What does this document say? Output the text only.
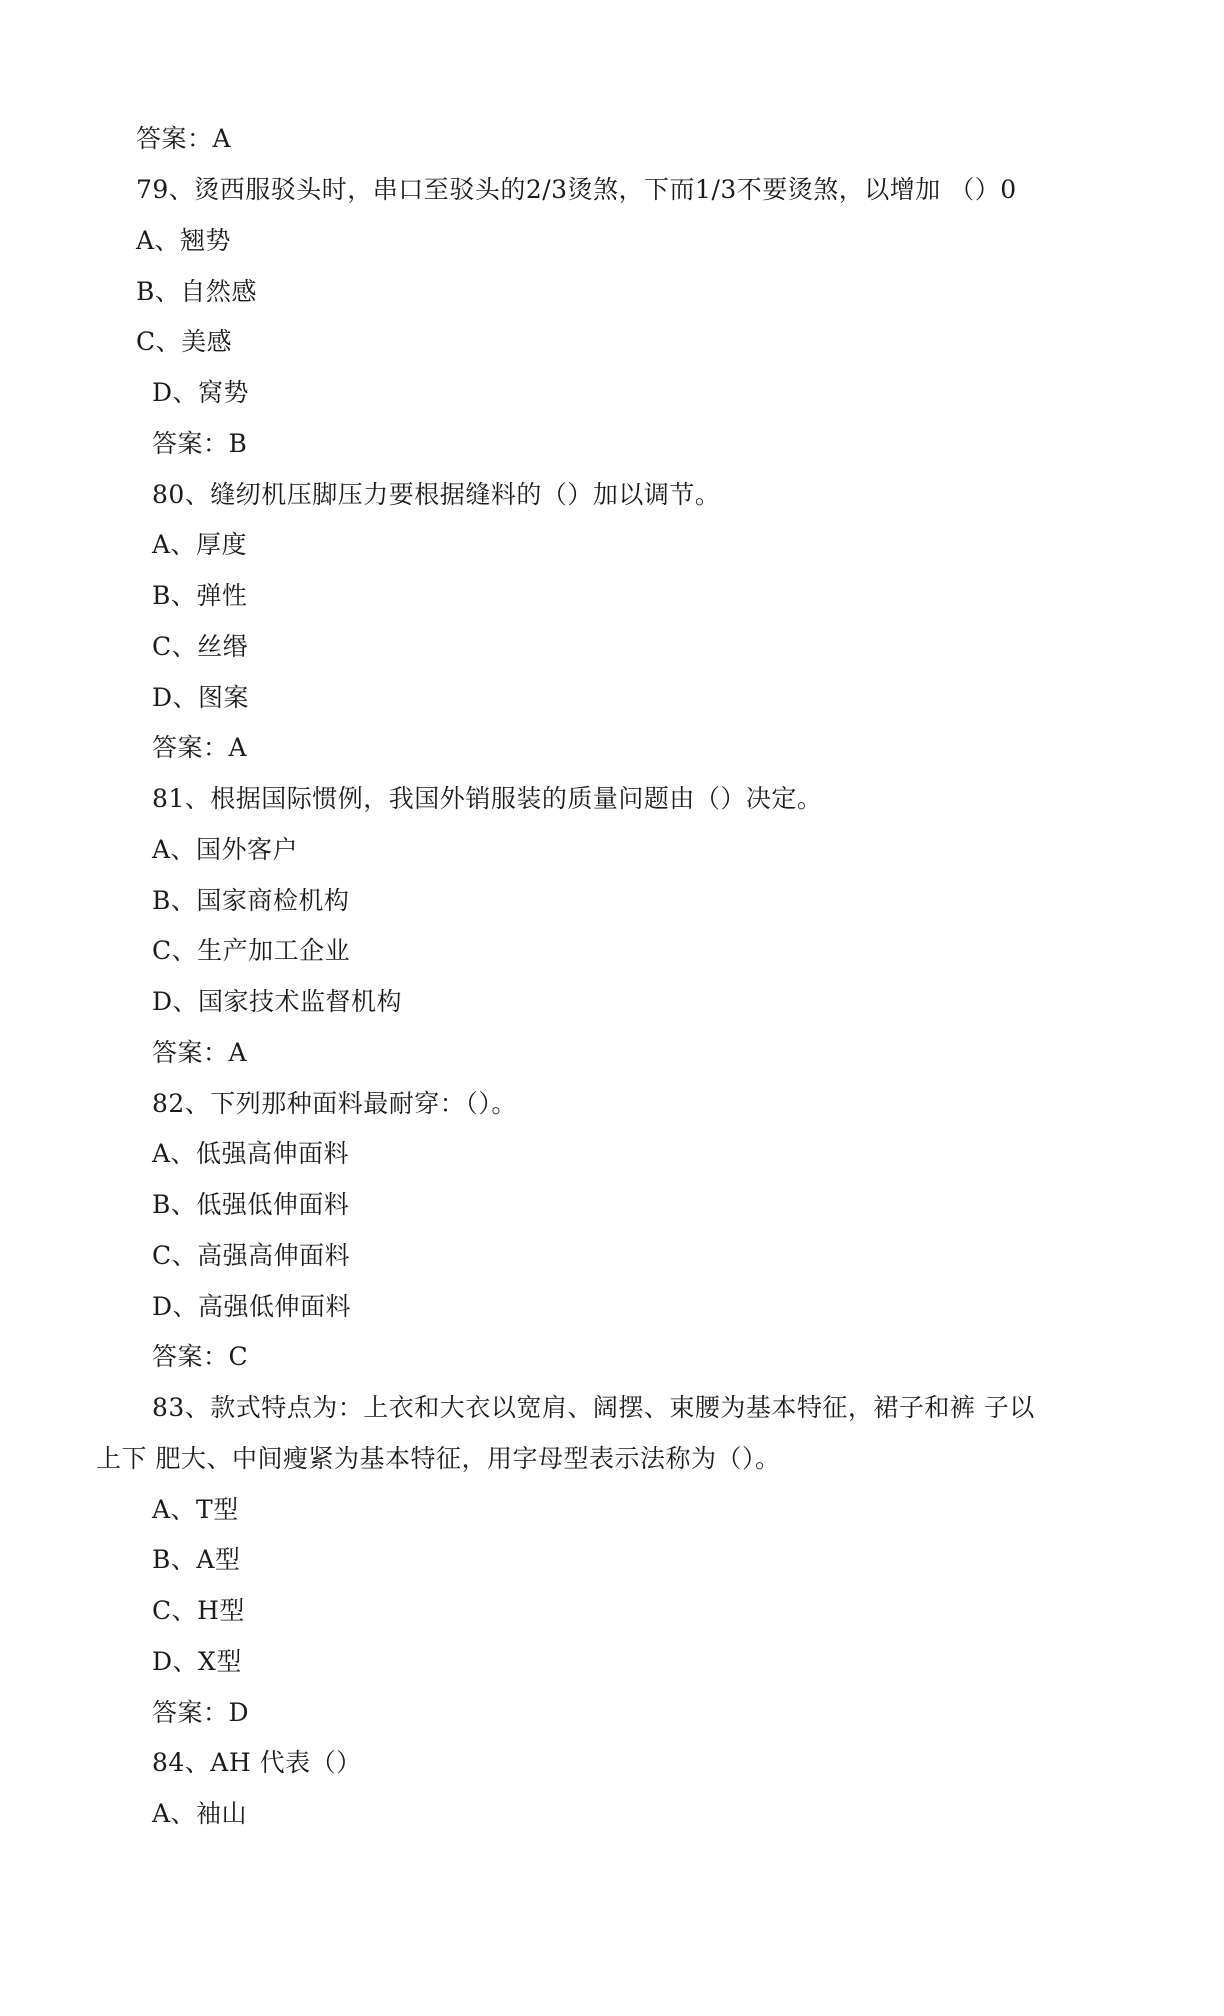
答案：A
79、烫西服驳头时，串口至驳头的2/3烫煞，下而1/3不要烫煞，以增加 （）0
A、翘势
B、自然感
C、美感
D、窝势
答案：B
80、缝纫机压脚压力要根据缝料的（）加以调节。
A、厚度
B、弹性
C、丝缗
D、图案
答案：A
81、根据国际惯例，我国外销服装的质量问题由（）决定。
A、国外客户
B、国家商检机构
C、生产加工企业
D、国家技术监督机构
答案：A
82、下列那种面料最耐穿：（）。
A、低强高伸面料
B、低强低伸面料
C、高强高伸面料
D、高强低伸面料
答案：C
83、款式特点为：上衣和大衣以宽肩、阔摆、束腰为基本特征，裙子和裤 子以
上下 肥大、中间瘦紧为基本特征，用字母型表示法称为（）。
A、T型
B、A型
C、H型
D、X型
答案：D
84、AH 代表（）
A、袖山
